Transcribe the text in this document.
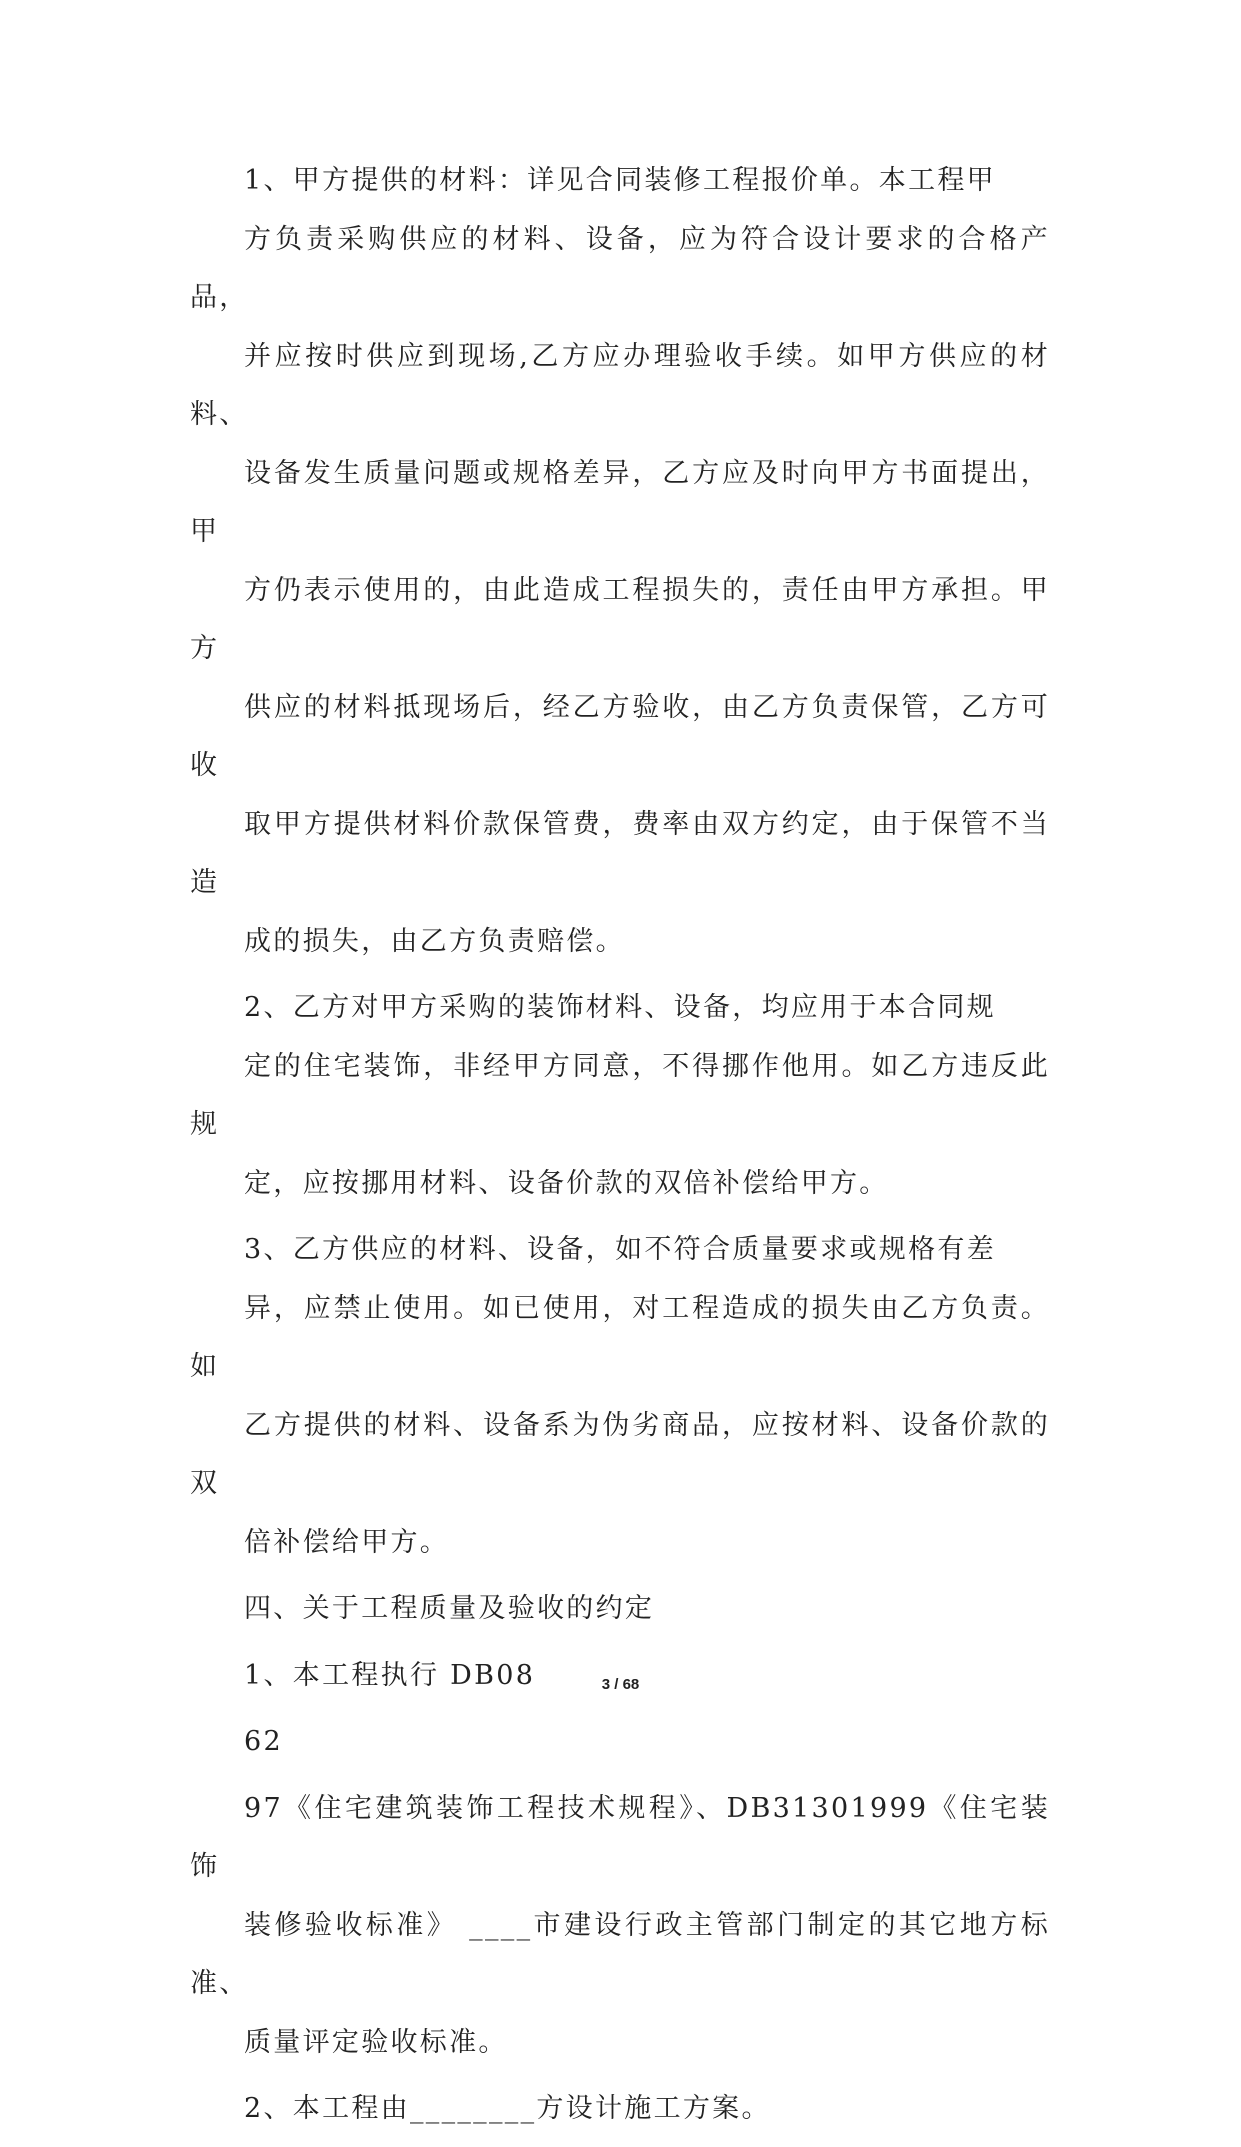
1、甲方提供的材料：详见合同装修工程报价单。本工程甲
方负责采购供应的材料、设备，应为符合设计要求的合格产品，
并应按时供应到现场,乙方应办理验收手续。如甲方供应的材料、
设备发生质量问题或规格差异，乙方应及时向甲方书面提出，甲
方仍表示使用的，由此造成工程损失的，责任由甲方承担。甲方
供应的材料抵现场后，经乙方验收，由乙方负责保管，乙方可收
取甲方提供材料价款保管费，费率由双方约定，由于保管不当造
成的损失，由乙方负责赔偿。

2、乙方对甲方采购的装饰材料、设备，均应用于本合同规
定的住宅装饰，非经甲方同意，不得挪作他用。如乙方违反此规
定，应按挪用材料、设备价款的双倍补偿给甲方。

3、乙方供应的材料、设备，如不符合质量要求或规格有差
异，应禁止使用。如已使用，对工程造成的损失由乙方负责。如
乙方提供的材料、设备系为伪劣商品，应按材料、设备价款的双
倍补偿给甲方。

四、关于工程质量及验收的约定

1、本工程执行 DB08

62

97《住宅建筑装饰工程技术规程》、DB31301999《住宅装饰
装修验收标准》 ____市建设行政主管部门制定的其它地方标准、
质量评定验收标准。

2、本工程由________方设计施工方案。

3 / 68
